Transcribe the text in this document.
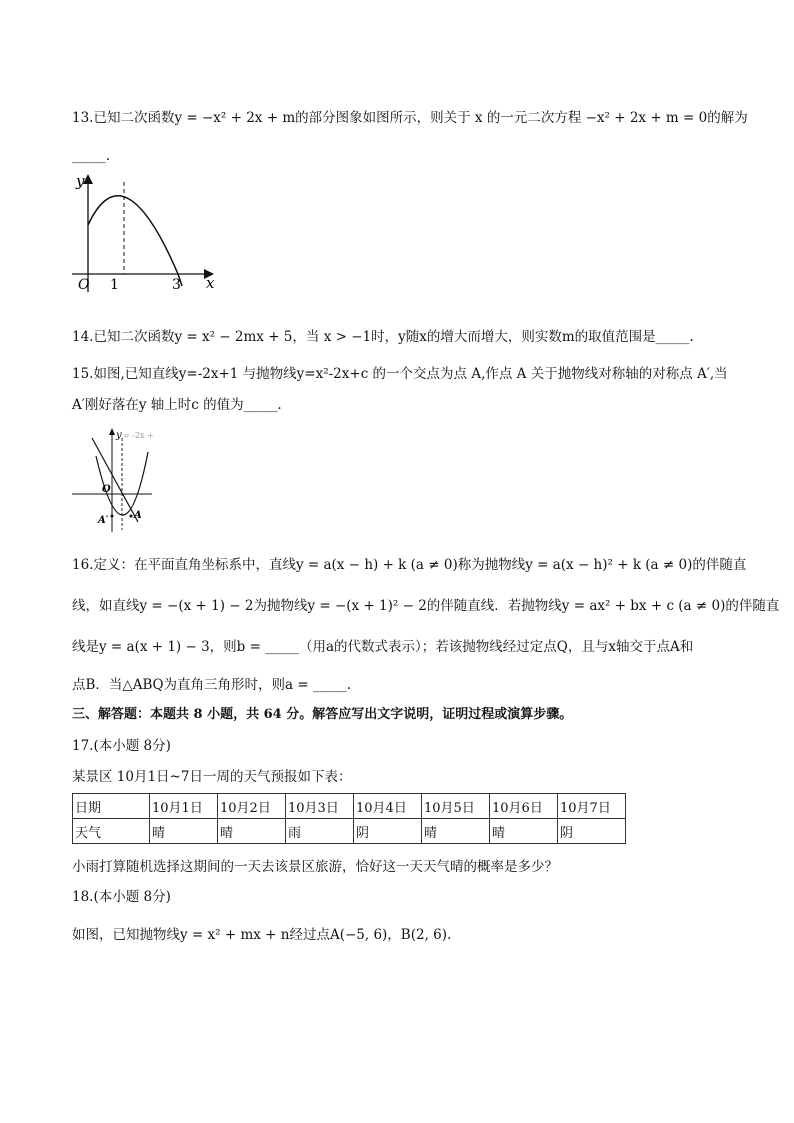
13.已知二次函数y = −x² + 2x + m的部分图象如图所示，则关于 x 的一元二次方程 −x² + 2x + m = 0的解为
_____.
y
x
O 1	3
14.已知二次函数y = x² − 2mx + 5，当 x > −1时，y随x的增大而增大，则实数m的取值范围是_____.
15.如图,已知直线y=-2x+1 与抛物线y=x²-2x+c 的一个交点为点 A,作点 A 关于抛物线对称轴的对称点 A′,当
A′刚好落在y 轴上时c 的值为_____.
y = -2x +
O
A′	A
16.定义：在平面直角坐标系中，直线y = a(x − h) + k (a ≠ 0)称为抛物线y = a(x − h)² + k (a ≠ 0)的伴随直
线，如直线y = −(x + 1) − 2为抛物线y = −(x + 1)² − 2的伴随直线．若抛物线y = ax² + bx + c (a ≠ 0)的伴随直
线是y = a(x + 1) − 3，则b = _____（用a的代数式表示）；若该抛物线经过定点Q，且与x轴交于点A和
点B．当△ABQ为直角三角形时，则a = _____.
三、解答题：本题共 8 小题，共 64 分。解答应写出文字说明，证明过程或演算步骤。
17.(本小题 8分)
某景区 10月1日~7日一周的天气预报如下表：
日期	10月1日	10月2日	10月3日	10月4日	10月5日	10月6日	10月7日
天气	晴	晴	雨	阴	晴	晴	阴
小雨打算随机选择这期间的一天去该景区旅游，恰好这一天天气晴的概率是多少？
18.(本小题 8分)
如图，已知抛物线y = x² + mx + n经过点A(−5, 6)，B(2, 6).
